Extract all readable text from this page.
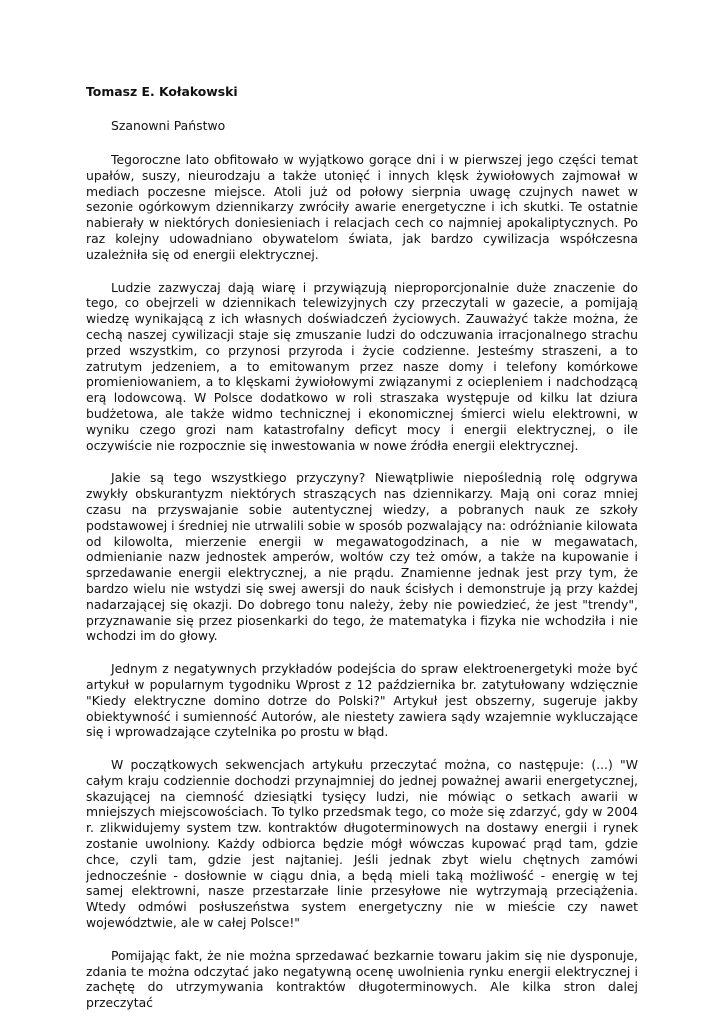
Tomasz E. Kołakowski
Szanowni Państwo

Tegoroczne lato obfitowało w wyjątkowo gorące dni i w pierwszej jego części temat upałów, suszy, nieurodzaju a także utonięć i innych klęsk żywiołowych zajmował w mediach poczesne miejsce. Atoli już od połowy sierpnia uwagę czujnych nawet w sezonie ogórkowym dziennikarzy zwróciły awarie energetyczne i ich skutki. Te ostatnie nabierały w niektórych doniesieniach i relacjach cech co najmniej apokaliptycznych. Po raz kolejny udowadniano obywatelom świata, jak bardzo cywilizacja współczesna uzależniła się od energii elektrycznej.

Ludzie zazwyczaj dają wiarę i przywiązują nieproporcjonalnie duże znaczenie do tego, co obejrzeli w dziennikach telewizyjnych czy przeczytali w gazecie, a pomijają wiedzę wynikającą z ich własnych doświadczeń życiowych. Zauważyć także można, że cechą naszej cywilizacji staje się zmuszanie ludzi do odczuwania irracjonalnego strachu przed wszystkim, co przynosi przyroda i życie codzienne. Jesteśmy straszeni, a to zatrutym jedzeniem, a to emitowanym przez nasze domy i telefony komórkowe promieniowaniem, a to klęskami żywiołowymi związanymi z ociepleniem i nadchodzącą erą lodowcową. W Polsce dodatkowo w roli straszaka występuje od kilku lat dziura budżetowa, ale także widmo technicznej i ekonomicznej śmierci wielu elektrowni, w wyniku czego grozi nam katastrofalny deficyt mocy i energii elektrycznej, o ile oczywiście nie rozpocznie się inwestowania w nowe źródła energii elektrycznej.

Jakie są tego wszystkiego przyczyny? Niewątpliwie niepoślednią rolę odgrywa zwykły obskurantyzm niektórych straszących nas dziennikarzy. Mają oni coraz mniej czasu na przyswajanie sobie autentycznej wiedzy, a pobranych nauk ze szkoły podstawowej i średniej nie utrwalili sobie w sposób pozwalający na: odróżnianie kilowata od kilowolta, mierzenie energii w megawatogodzinach, a nie w megawatach, odmienianie nazw jednostek amperów, woltów czy też omów, a także na kupowanie i sprzedawanie energii elektrycznej, a nie prądu. Znamienne jednak jest przy tym, że bardzo wielu nie wstydzi się swej awersji do nauk ścisłych i demonstruje ją przy każdej nadarzającej się okazji. Do dobrego tonu należy, żeby nie powiedzieć, że jest "trendy", przyznawanie się przez piosenkarki do tego, że matematyka i fizyka nie wchodziła i nie wchodzi im do głowy.

Jednym z negatywnych przykładów podejścia do spraw elektroenergetyki może być artykuł w popularnym tygodniku Wprost z 12 października br. zatytułowany wdzięcznie "Kiedy elektryczne domino dotrze do Polski?" Artykuł jest obszerny, sugeruje jakby obiektywność i sumienność Autorów, ale niestety zawiera sądy wzajemnie wykluczające się i wprowadzające czytelnika po prostu w błąd.

W początkowych sekwencjach artykułu przeczytać można, co następuje: (...) "W całym kraju codziennie dochodzi przynajmniej do jednej poważnej awarii energetycznej, skazującej na ciemność dziesiątki tysięcy ludzi, nie mówiąc o setkach awarii w mniejszych miejscowościach. To tylko przedsmak tego, co może się zdarzyć, gdy w 2004 r. zlikwidujemy system tzw. kontraktów długoterminowych na dostawy energii i rynek zostanie uwolniony. Każdy odbiorca będzie mógł wówczas kupować prąd tam, gdzie chce, czyli tam, gdzie jest najtaniej. Jeśli jednak zbyt wielu chętnych zamówi jednocześnie - dosłownie w ciągu dnia, a będą mieli taką możliwość - energię w tej samej elektrowni, nasze przestarzałe linie przesyłowe nie wytrzymają przeciążenia. Wtedy odmówi posłuszeństwa system energetyczny nie w mieście czy nawet województwie, ale w całej Polsce!"

Pomijając fakt, że nie można sprzedawać bezkarnie towaru jakim się nie dysponuje, zdania te można odczytać jako negatywną ocenę uwolnienia rynku energii elektrycznej i zachętę do utrzymywania kontraktów długoterminowych. Ale kilka stron dalej przeczytać
